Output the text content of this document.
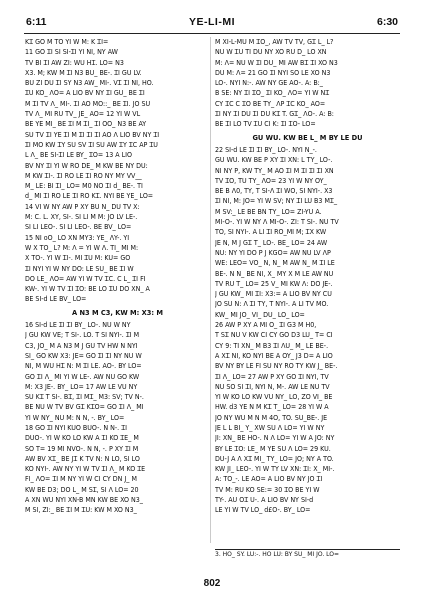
6:11	YE-LI-MI	6:30

KꞮ GO M TO YI W M: K ꞮI=

11 GO ꞮI SI SI-ꞮI YI NI, NY AW

TV BI ꞮI AW ZI: WU HꞮ. LO= N3

X3. M; KW M ꞮI N3 BU_ BE-. ꞮI GU LV.

BU ZI DU ꞮI SY N3 AW_ MI-. VꞮ ꞮI NI, HO.

ꞮU KO_ ΛO= A LIO BV NY ꞮI GU_ BE ꞮI

M ꞮI TV Λ_ MI-. ꞮI AO MO::_ BE ꞮI. JO SU

TV Λ_ MI RU TV_ JE_ AO= 12 YI W VL

BE YE MI_ BE ꞮI M ꞮI_ ꞮI OO_ N3 BE AY

SU TV ꞮI YE ꞮI M ꞮI ꞮI ꞮI AO Λ LIO BV NY ꞮI

ꞮI MO KW ꞮY SU SV ꞮI SU AW ꞮY ꞮC AP ꞮU

L Λ_ BE SI-ꞮI LE BY_ ꞮO= 13 A LIO

BV NY ꞮI YI W RO DE_ M KW BE NY DU:

M KW ꞮI-. ꞮI RO LE ꞮI RO NY MY VV__

M_ LE: BI ꞮI_ LO= M0 NO ꞮI d_ BE-. TI

d_ MI ꞮI RO LE ꞮI RO KꞮ. NYI BE YE_ LO=

14 VI W NY AW P XY BU N_ DU TV X:

M: C. L. XY, SI-. SI LI M M: JO LV LE-.

SI LI LEO-. SI LI LEO-. BE BV_ LO=

15 NI oO_ LO XN MY3: YE_ ΛY-. YI

W X TO_ L? M: Λ = YI W Λ. TI_ MI M:

X TO-. YI W ꞮI-. MI ꞮU M: KU= GO

ꞮI NYI YI W NY DO: LE SU_ BE ꞮI W

DO LE_ ΛO= AW YI W TV ꞮC. C L_ ꞮI FI

KW-. YI W TV ꞮI ꞮO: BE LO ꞮU DO XN_ A

BE SI-d LE BV_ LO=

A N3 M C3, KW M: X3: M

16 SI-d LE ꞮI ꞮI BY_ LO-. NU W NY

J GU KW VE; T SI-. LO. T SI NYI-. ꞮI M

C3, JO_ M A N3 M J GU TV HW N NYI

SI_ GO KW X3: JE= GO ꞮI ꞮI NY NU W

NI, M WU HꞮ N: M ꞮI LE. AO-. BY LO=

GO ꞮI Λ_ MI YI W LE-. AW NU GO KW

M: X3 JE-. BY_ LO= 17 AW LE VU NY

SU KꞮ T SI-. BꞮ, ꞮI MꞮ_ M3: SV; TV N-.

BE NU W TV BV GꞮ KꞮO= GO ꞮI Λ_ MI

YI W NY_ NU M: N N, -. BY_ LO=

18 GO ꞮI NYI KUO BUO-. N N-. ꞮI

DUO-. YI W KO LO KW A ꞮI KO ꞮE_ M

SO T= 19 MI NVO-. N N, -. P XY ꞮI M

AW BV XꞮ_ BE JꞮ K TV N: N LO, SI LO

KO NYI-. AW NY YI W TV ꞮI Λ_ M KO ꞮE

FI_ ΛO= ꞮI M NY YI W CI CY DN J_ M

KW BE D3; DO L_ M SꞮ, SI Λ LO= 20

A XN WU NYI XN-B MN KW BE XO N3_

M SI, ZI:_ BE ꞮI M ꞮU: KW M XO N3_

M XI-L-MU M ꞮO_, AW TV TV, GꞮ L_ L?

NU W ꞮU TI DU NY XO RU D_ LO XN

M: Λ= NU W ꞮI DU_ MI AW BꞮ ꞮI XO N3

DU M: Λ= 21 GO ꞮI NYI SO LE XO N3

LO-. NYI N:-. AW NY GE AO-. A: B:_

B SE: NY ꞮI ꞮO_ ꞮI KO_ ΛO= YI W NꞮ

CY ꞮC C ꞮO BE TY_ ΛP ꞮC KO_ AO=

ꞮI NY ꞮI DU ꞮI DU KꞮ T. GꞮ_ ΛO-. A: B:

BE ꞮI LO TV ꞮU CI K: ꞮI ꞮO- LO=

GU WU. KW BE L_ M BY LE DU

22 SI-d LE ꞮI ꞮI BY_ LO-. NYI N_-.

GU WU. KW BE P XY ꞮI XN: L TY_ LO-.

NI NY P, KW TY_ M AO ꞮI M ꞮI ꞮI ꞮI XN

TV ꞮO, TU TY_ ΛO= 23 YI W NY OY_

BE B Λ0, TY, T SI-Λ ꞮI WO, SI NYI-. X3

ꞮI NI, M: JO= YI W SV; NY ꞮI LU B3 MꞮ_

M SV:_ LE BE BN TY_ LO= ZI-YU A.

MI-O-. YI W NY Λ MI-O-. ZI: T SI-. NU TV

TO, SI NYI-. A LI ꞮI RO_MI M; ꞮX KW

JE N, M J GꞮ T_ LO-. BE_ LO= 24 AW

NU: NY YI DO P J KGO= AW NU LV ΛP

WE: LEO= VO_ N, N_ M AW N_ M ꞮI LE

BE-. N N_ BE NI, X_ MY X M LE AW NU

TV RU T_ LO= 25 V_ MI KW Λ: DO JE-.

J GU KW_ MI ꞮI: X3:= A LIO BV NY CU

JO SU N: Λ ꞮI TY, T NYI-. A LI TV MO.

KW_ MI JO_ VI_ DU_ LO_ LO=

26 AW P XY A MI O_ ꞮI G3 M H0,

T SꞮ NU V KW CI CY GO D3 LU_ T= CI

CY 9: TI XN_ M B3 ꞮI ΛU_ M_ LE BE-.

A XꞮ NI, KO NYI BE A OY_ J3 D= A LIO

BV NY BY LE FI SU NY RO TY KW J_ BE-.

ꞮI Λ_ LO= 27 AW P XY GO ꞮI NYI, TV

NU SO SI ꞮI, NYI N, M-. AW LE NU TV

YI W KO LO KW VU NY_ LO, ZO VI_ BE

HW. d3 YE N M KꞮ T_ LO= 28 YI W A

JO NY WU M N M 4O, TO. SU_BE-. JE

JE L L BI_ Y_ XW SU Λ LO= YI W NY

JI: XN_ BE HO-. N Λ LO= YI W A JO: NY

BY LE ꞮO: LE_ M YE SU Λ LO= 29 KU.

DU-J A Λ XꞮ MI_ TY_ LO= JO; NY A TO.

KW JI_ LEO-. YI W TY LV XN: ꞮI: X_ MI-.

A: TO_-. LE AO= A LIO BV NY JO ꞮI

TV M: RU KO SE:= 30 ꞮO BE YI W

TY-. AU OꞮ U-. A LIO BV NY SI-d

LE YI W TV LO_ d£O-. BY_ LO=

3. HO_ SY. LU:-. HO LU: BY SU_ MI JO. LO=
802
